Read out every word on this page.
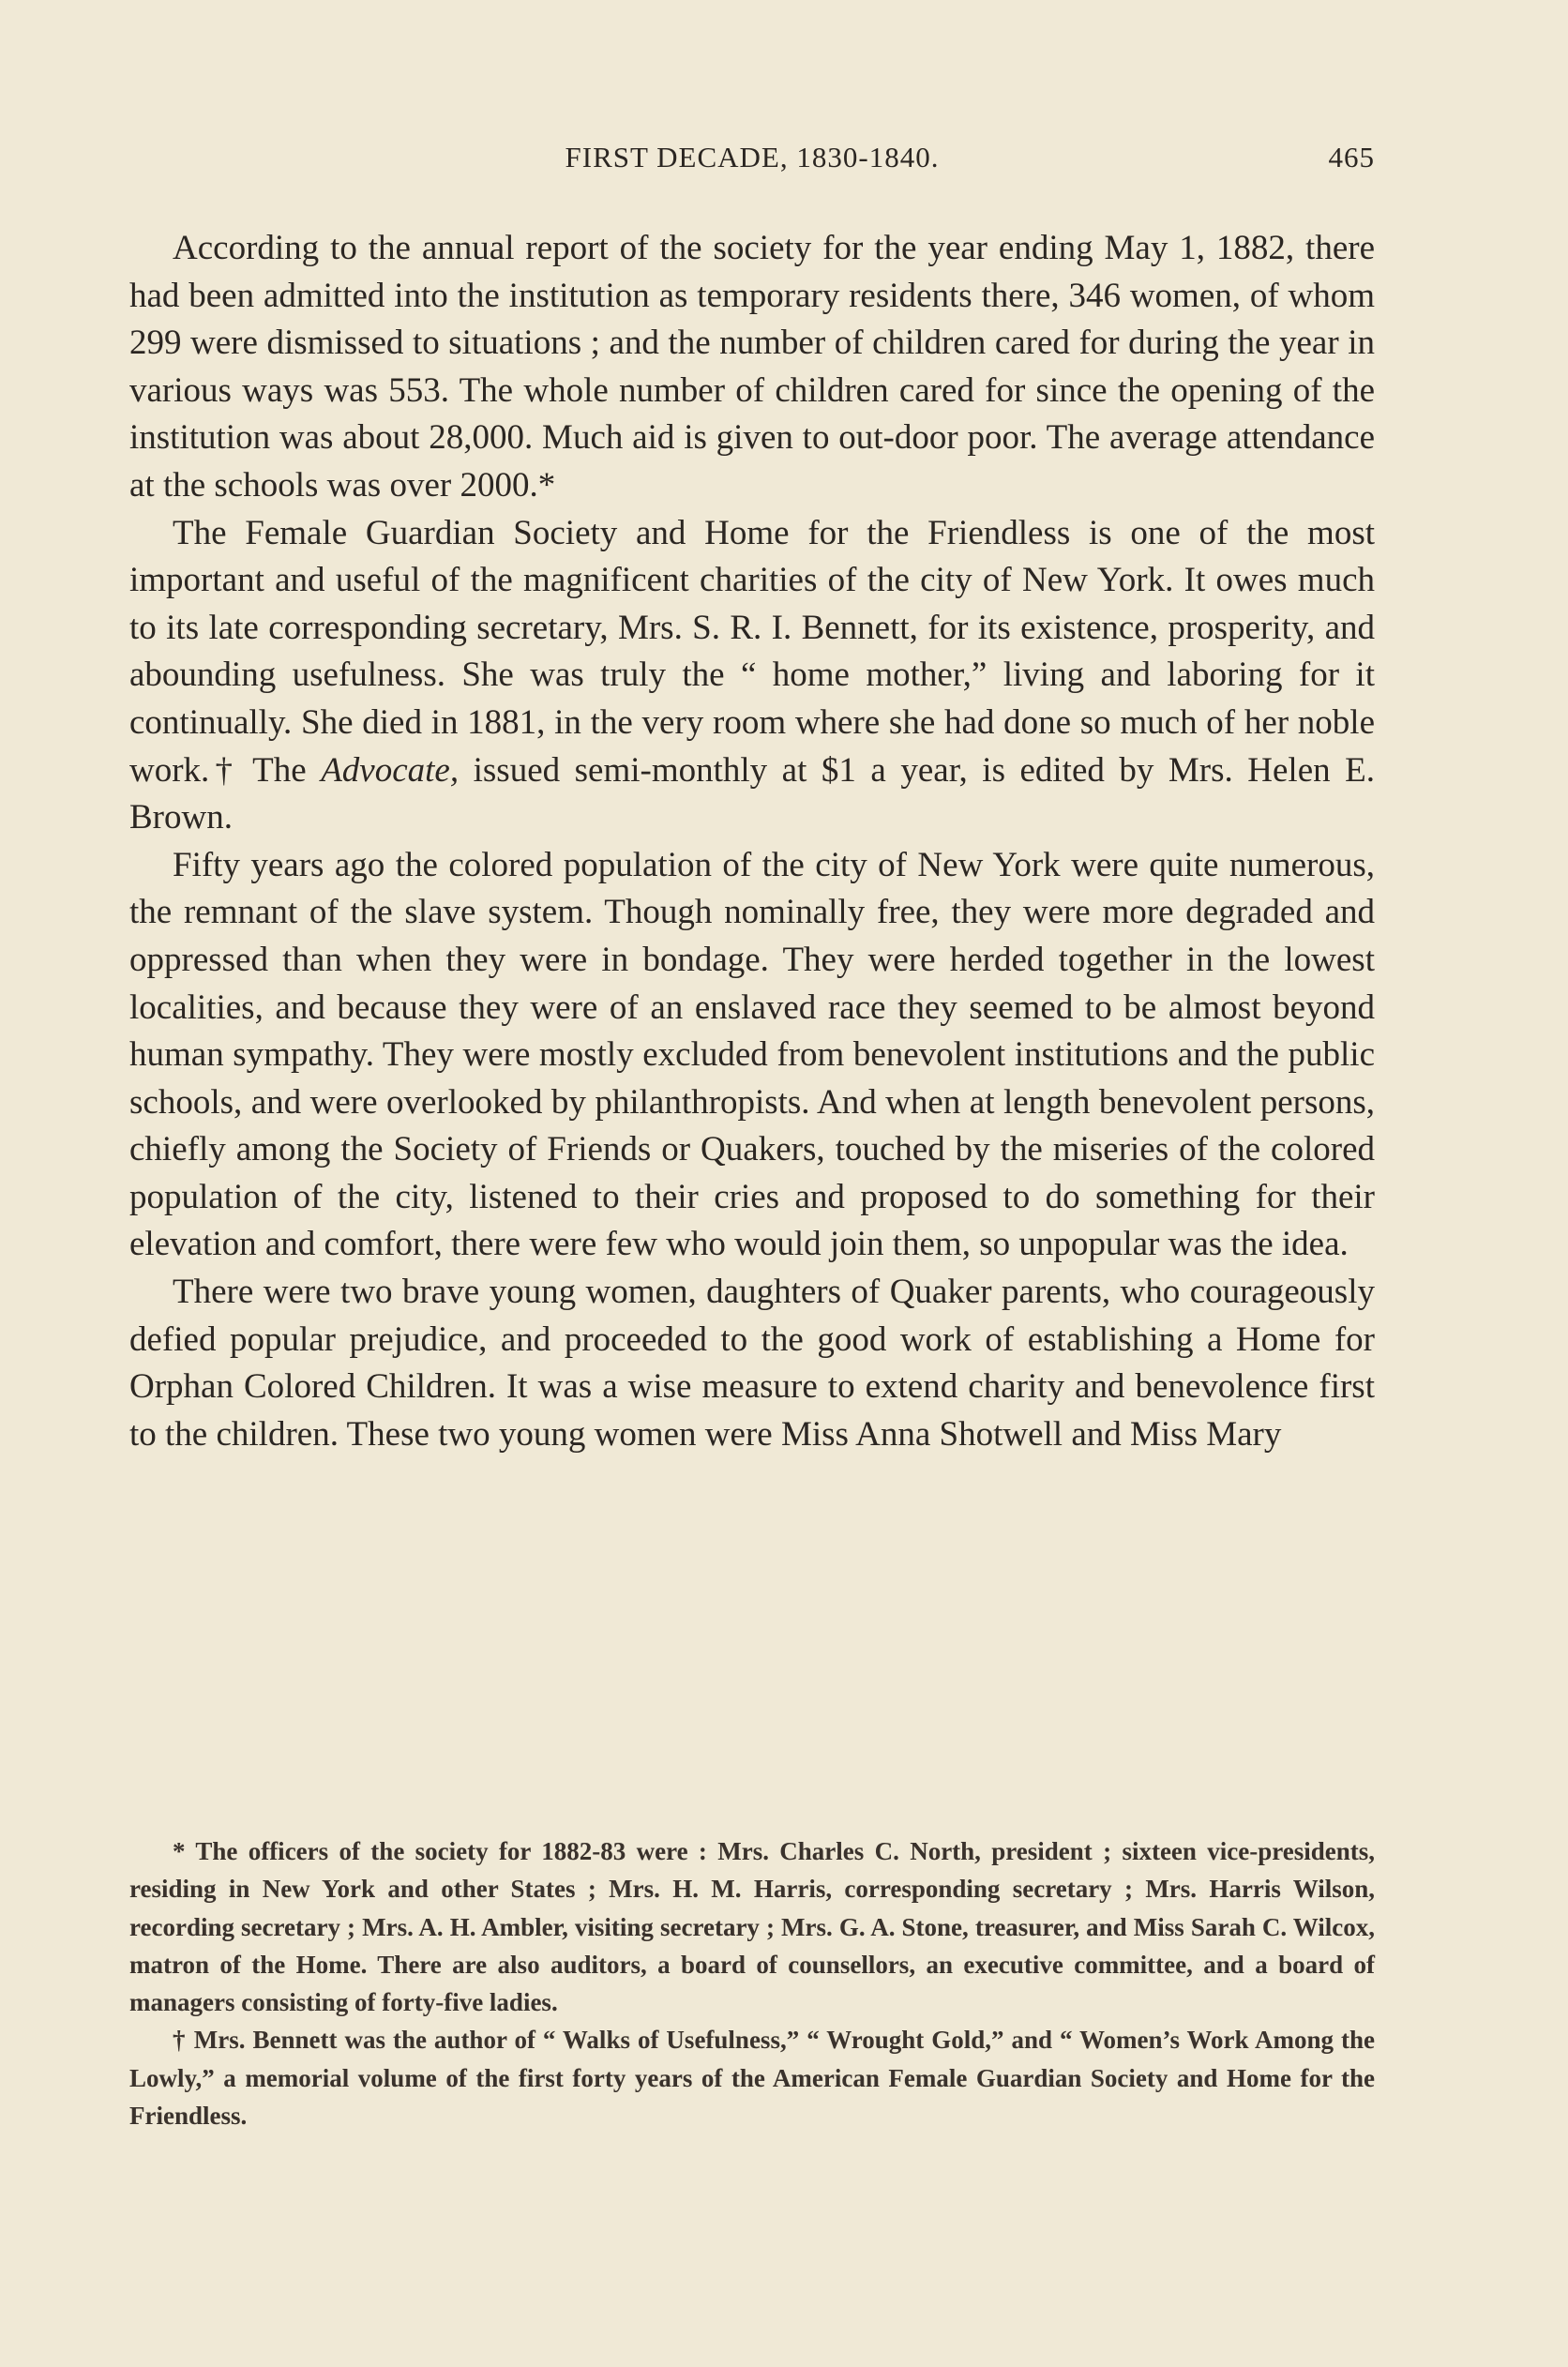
FIRST DECADE, 1830-1840.	465

According to the annual report of the society for the year ending May 1, 1882, there had been admitted into the institution as temporary residents there, 346 women, of whom 299 were dismissed to situations ; and the number of children cared for during the year in various ways was 553. The whole number of children cared for since the opening of the institution was about 28,000. Much aid is given to out-door poor. The average attendance at the schools was over 2000.*

The Female Guardian Society and Home for the Friendless is one of the most important and useful of the magnificent charities of the city of New York. It owes much to its late corresponding secretary, Mrs. S. R. I. Bennett, for its existence, prosperity, and abounding usefulness. She was truly the “ home mother,” living and laboring for it continually. She died in 1881, in the very room where she had done so much of her noble work.† The Advocate, issued semi-monthly at $1 a year, is edited by Mrs. Helen E. Brown.

Fifty years ago the colored population of the city of New York were quite numerous, the remnant of the slave system. Though nominally free, they were more degraded and oppressed than when they were in bondage. They were herded together in the lowest localities, and because they were of an enslaved race they seemed to be almost beyond human sympathy. They were mostly excluded from benevolent institutions and the public schools, and were overlooked by philanthropists. And when at length benevolent persons, chiefly among the Society of Friends or Quakers, touched by the miseries of the colored population of the city, listened to their cries and proposed to do something for their elevation and comfort, there were few who would join them, so unpopular was the idea.

There were two brave young women, daughters of Quaker parents, who courageously defied popular prejudice, and proceeded to the good work of establishing a Home for Orphan Colored Children. It was a wise measure to extend charity and benevolence first to the children. These two young women were Miss Anna Shotwell and Miss Mary

* The officers of the society for 1882-83 were : Mrs. Charles C. North, president ; sixteen vice-presidents, residing in New York and other States ; Mrs. H. M. Harris, corresponding secretary ; Mrs. Harris Wilson, recording secretary ; Mrs. A. H. Ambler, visiting secretary ; Mrs. G. A. Stone, treasurer, and Miss Sarah C. Wilcox, matron of the Home. There are also auditors, a board of counsellors, an executive committee, and a board of managers consisting of forty-five ladies.

† Mrs. Bennett was the author of “ Walks of Usefulness,” “ Wrought Gold,” and “ Women’s Work Among the Lowly,” a memorial volume of the first forty years of the American Female Guardian Society and Home for the Friendless.
